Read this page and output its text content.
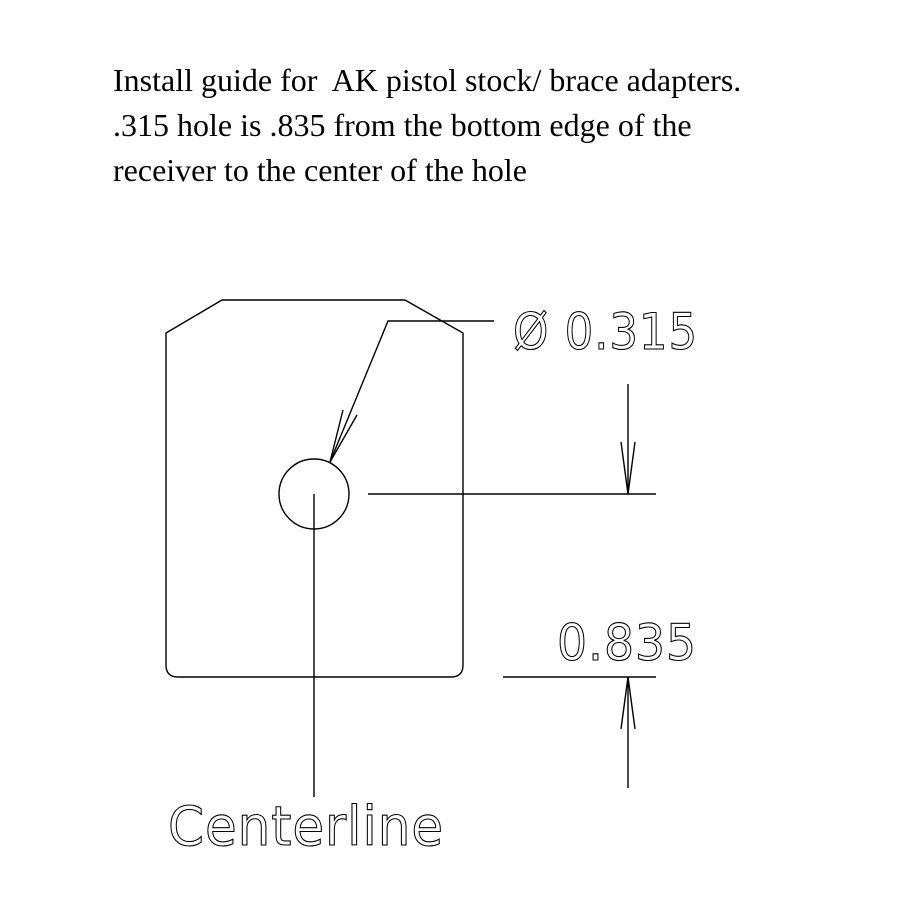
Install guide for  AK pistol stock/ brace adapters.
.315 hole is .835 from the bottom edge of the
receiver to the center of the hole
Ø 0.315
0.835
Centerline
